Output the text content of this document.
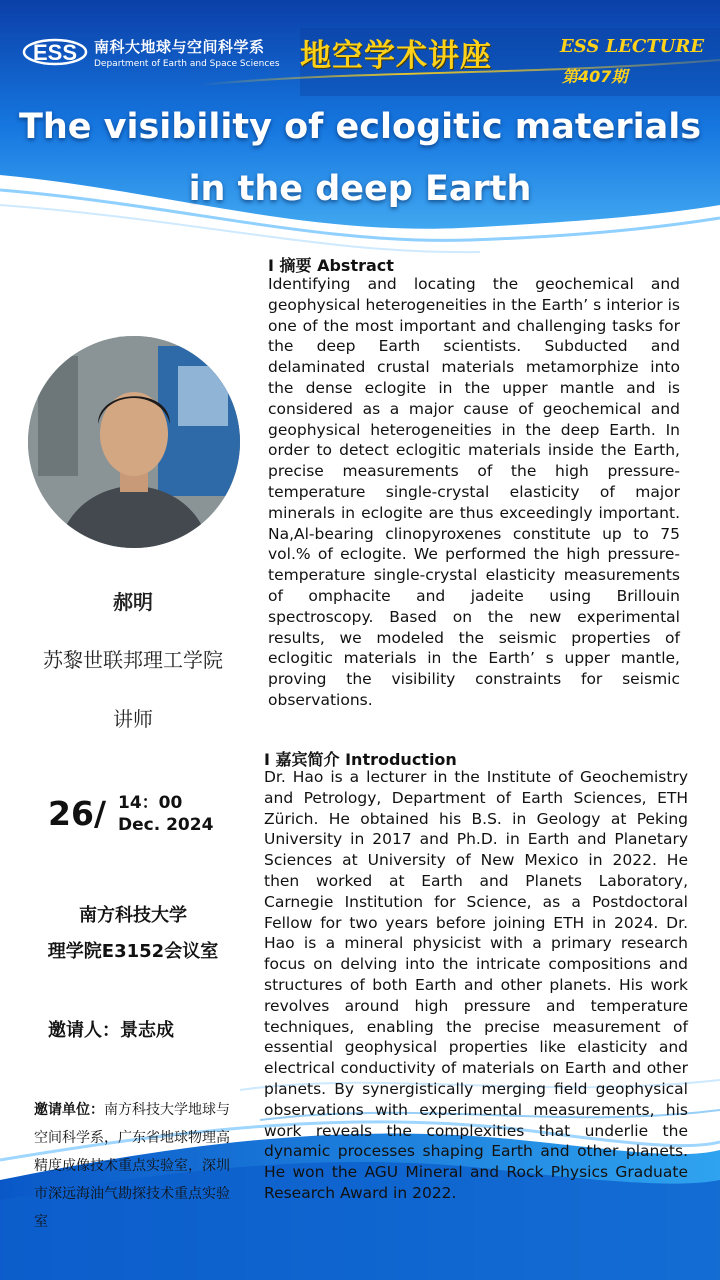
ESS 南科大地球与空间科学系
Department of Earth and Space Sciences 地空学术讲座	ESS LECTURE
第407期
The visibility of eclogitic materials
in the deep Earth
郝明
苏黎世联邦理工学院
讲师
26 / 14：00
Dec. 2024
南方科技大学
理学院E3152会议室
邀请人：景志成
邀请单位：南方科技大学地球与空间科学系，广东省地球物理高精度成像技术重点实验室，深圳市深远海油气勘探技术重点实验室
I 摘要 Abstract
Identifying and locating the geochemical and geophysical heterogeneities in the Earth’ s interior is one of the most important and challenging tasks for the deep Earth scientists. Subducted and delaminated crustal materials metamorphize into the dense eclogite in the upper mantle and is considered as a major cause of geochemical and geophysical heterogeneities in the deep Earth. In order to detect eclogitic materials inside the Earth, precise measurements of the high pressure-temperature single-crystal elasticity of major minerals in eclogite are thus exceedingly important. Na,Al-bearing clinopyroxenes constitute up to 75 vol.% of eclogite. We performed the high pressure-temperature single-crystal elasticity measurements of omphacite and jadeite using Brillouin spectroscopy. Based on the new experimental results, we modeled the seismic properties of eclogitic materials in the Earth’ s upper mantle, proving the visibility constraints for seismic observations.
I 嘉宾简介 Introduction
Dr. Hao is a lecturer in the Institute of Geochemistry and Petrology, Department of Earth Sciences, ETH Zürich. He obtained his B.S. in Geology at Peking University in 2017 and Ph.D. in Earth and Planetary Sciences at University of New Mexico in 2022. He then worked at Earth and Planets Laboratory, Carnegie Institution for Science, as a Postdoctoral Fellow for two years before joining ETH in 2024. Dr. Hao is a mineral physicist with a primary research focus on delving into the intricate compositions and structures of both Earth and other planets. His work revolves around high pressure and temperature techniques, enabling the precise measurement of essential geophysical properties like elasticity and electrical conductivity of materials on Earth and other planets. By synergistically merging field geophysical observations with experimental measurements, his work reveals the complexities that underlie the dynamic processes shaping Earth and other planets. He won the AGU Mineral and Rock Physics Graduate Research Award in 2022.
